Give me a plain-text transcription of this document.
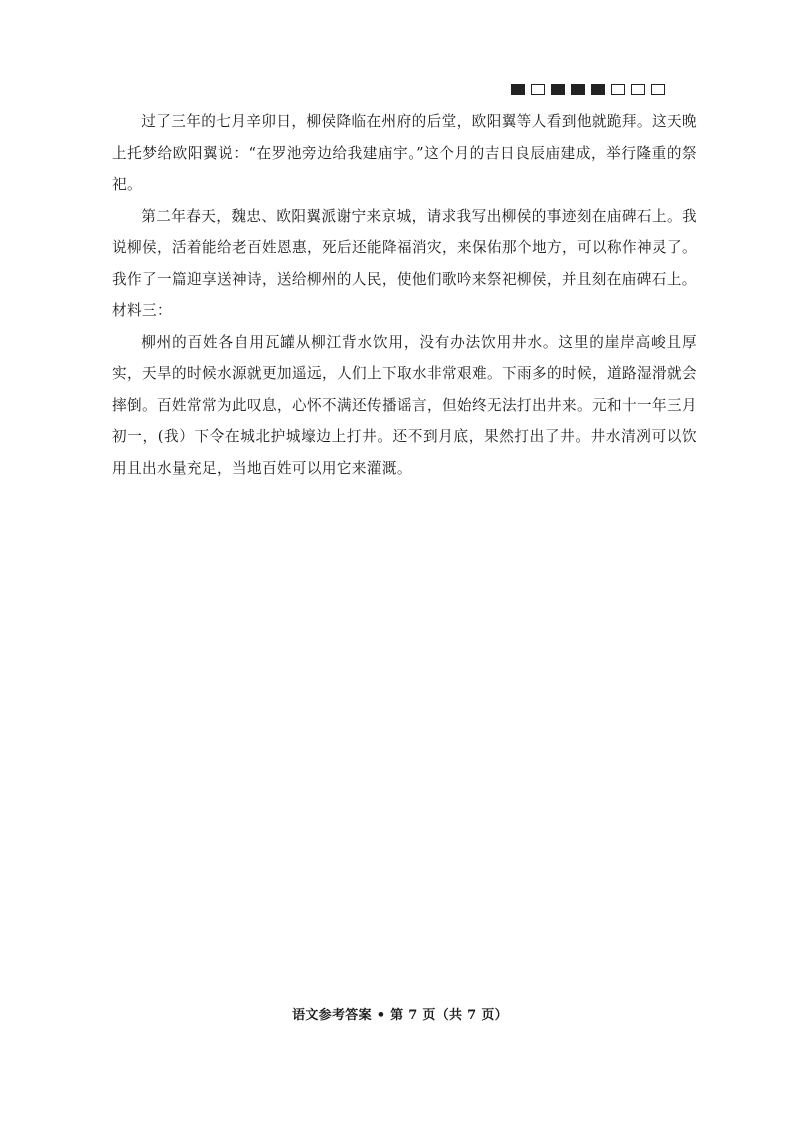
过了三年的七月辛卯日，柳侯降临在州府的后堂，欧阳翼等人看到他就跪拜。这天晚上托梦给欧阳翼说：“在罗池旁边给我建庙宇。”这个月的吉日良辰庙建成，举行隆重的祭祀。

第二年春天，魏忠、欧阳翼派谢宁来京城，请求我写出柳侯的事迹刻在庙碑石上。我说柳侯，活着能给老百姓恩惠，死后还能降福消灾，来保佑那个地方，可以称作神灵了。我作了一篇迎享送神诗，送给柳州的人民，使他们歌吟来祭祀柳侯，并且刻在庙碑石上。

材料三：

柳州的百姓各自用瓦罐从柳江背水饮用，没有办法饮用井水。这里的崖岸高峻且厚实，天旱的时候水源就更加遥远，人们上下取水非常艰难。下雨多的时候，道路湿滑就会摔倒。百姓常常为此叹息，心怀不满还传播谣言，但始终无法打出井来。元和十一年三月初一，(我）下令在城北护城壕边上打井。还不到月底，果然打出了井。井水清冽可以饮用且出水量充足，当地百姓可以用它来灌溉。

语文参考答案 • 第 7 页（共 7 页）
